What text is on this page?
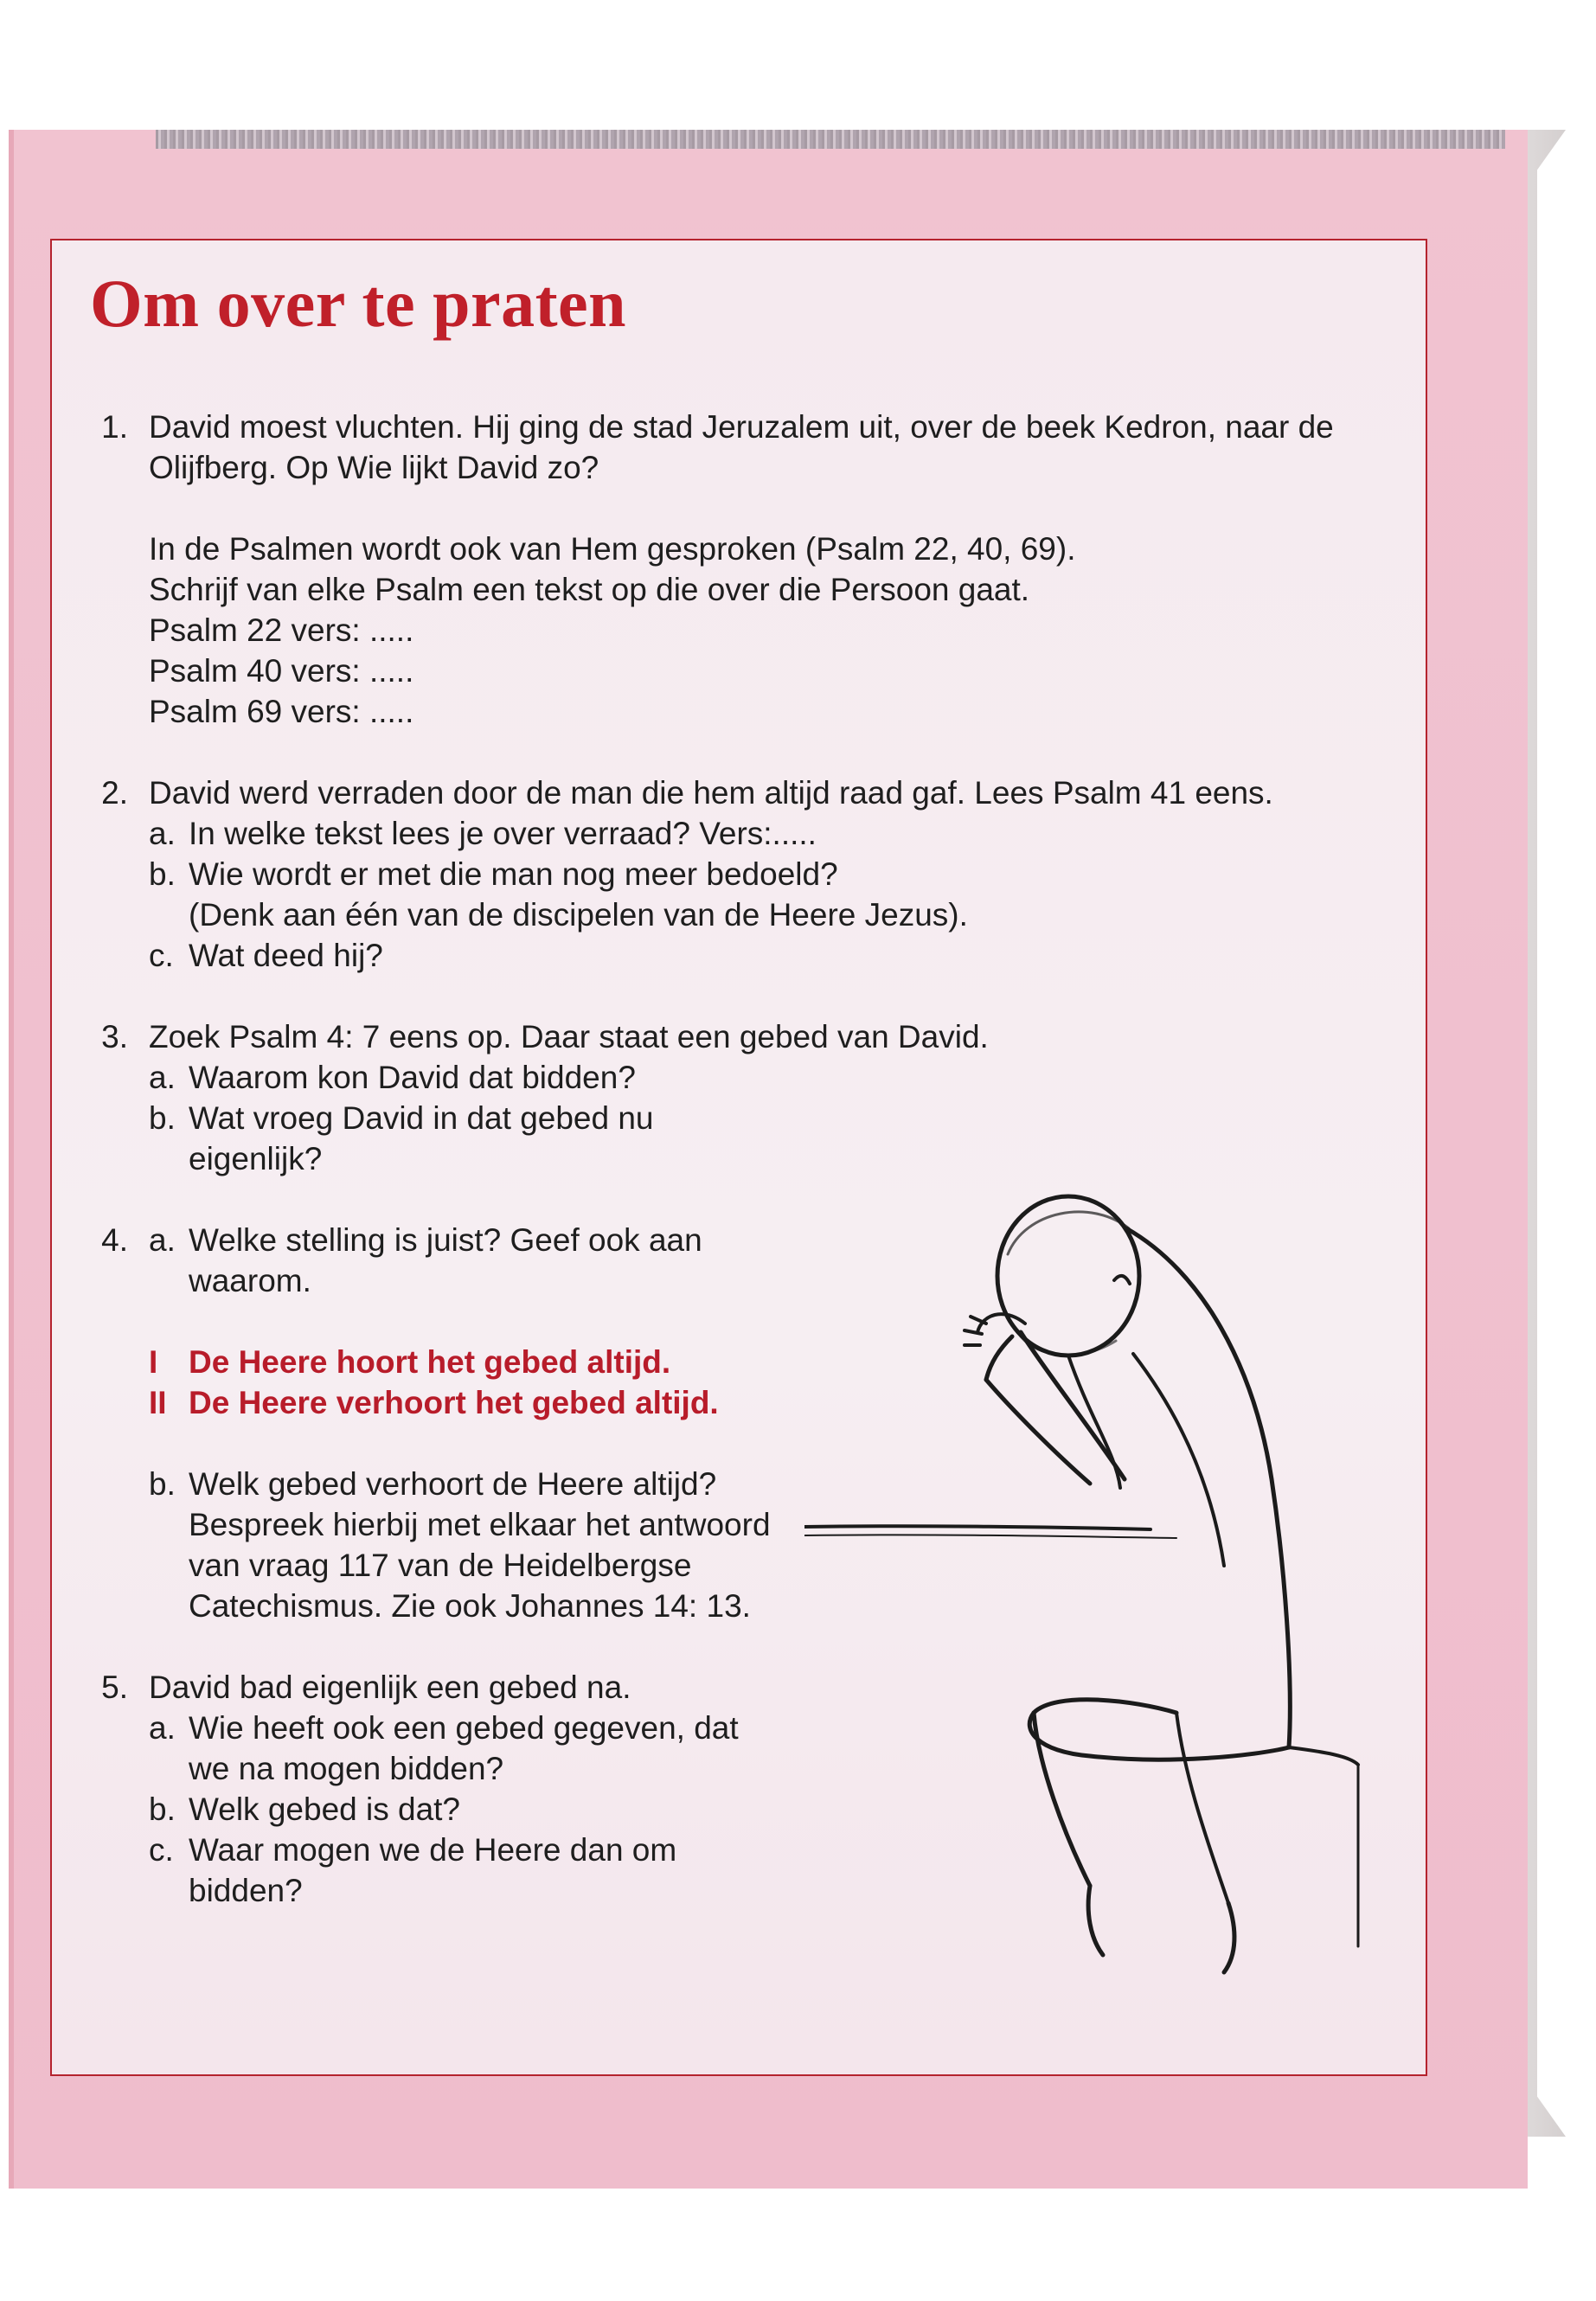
Om over te praten
1. David moest vluchten. Hij ging de stad Jeruzalem uit, over de beek Kedron, naar de
Olijfberg. Op Wie lijkt David zo?
In de Psalmen wordt ook van Hem gesproken (Psalm 22, 40, 69).
Schrijf van elke Psalm een tekst op die over die Persoon gaat.
Psalm 22 vers: .....
Psalm 40 vers: .....
Psalm 69 vers: .....
2. David werd verraden door de man die hem altijd raad gaf. Lees Psalm 41 eens.
a. In welke tekst lees je over verraad? Vers:.....
b. Wie wordt er met die man nog meer bedoeld?
(Denk aan één van de discipelen van de Heere Jezus).
c. Wat deed hij?
3. Zoek Psalm 4: 7 eens op. Daar staat een gebed van David.
a. Waarom kon David dat bidden?
b. Wat vroeg David in dat gebed nu
eigenlijk?
4. a. Welke stelling is juist? Geef ook aan
waarom.
I De Heere hoort het gebed altijd.
II De Heere verhoort het gebed altijd.
b. Welk gebed verhoort de Heere altijd?
Bespreek hierbij met elkaar het antwoord
van vraag 117 van de Heidelbergse
Catechismus. Zie ook Johannes 14: 13.
5. David bad eigenlijk een gebed na.
a. Wie heeft ook een gebed gegeven, dat
we na mogen bidden?
b. Welk gebed is dat?
c. Waar mogen we de Heere dan om
bidden?
